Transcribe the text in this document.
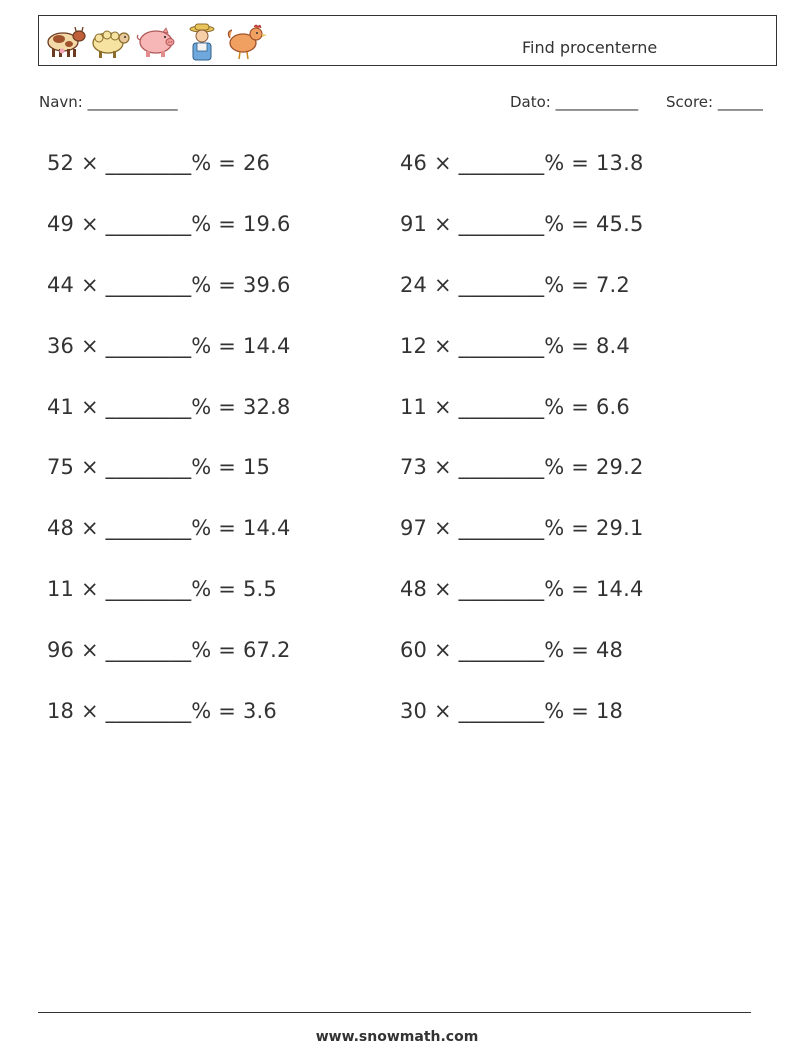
Find procenterne
Navn: ____________	Dato: ___________ Score: ______
52 × ________% = 26	46 × ________% = 13.8
49 × ________% = 19.6	91 × ________% = 45.5
44 × ________% = 39.6	24 × ________% = 7.2
36 × ________% = 14.4	12 × ________% = 8.4
41 × ________% = 32.8	11 × ________% = 6.6
75 × ________% = 15	73 × ________% = 29.2
48 × ________% = 14.4	97 × ________% = 29.1
11 × ________% = 5.5	48 × ________% = 14.4
96 × ________% = 67.2	60 × ________% = 48
18 × ________% = 3.6	30 × ________% = 18
www.snowmath.com
